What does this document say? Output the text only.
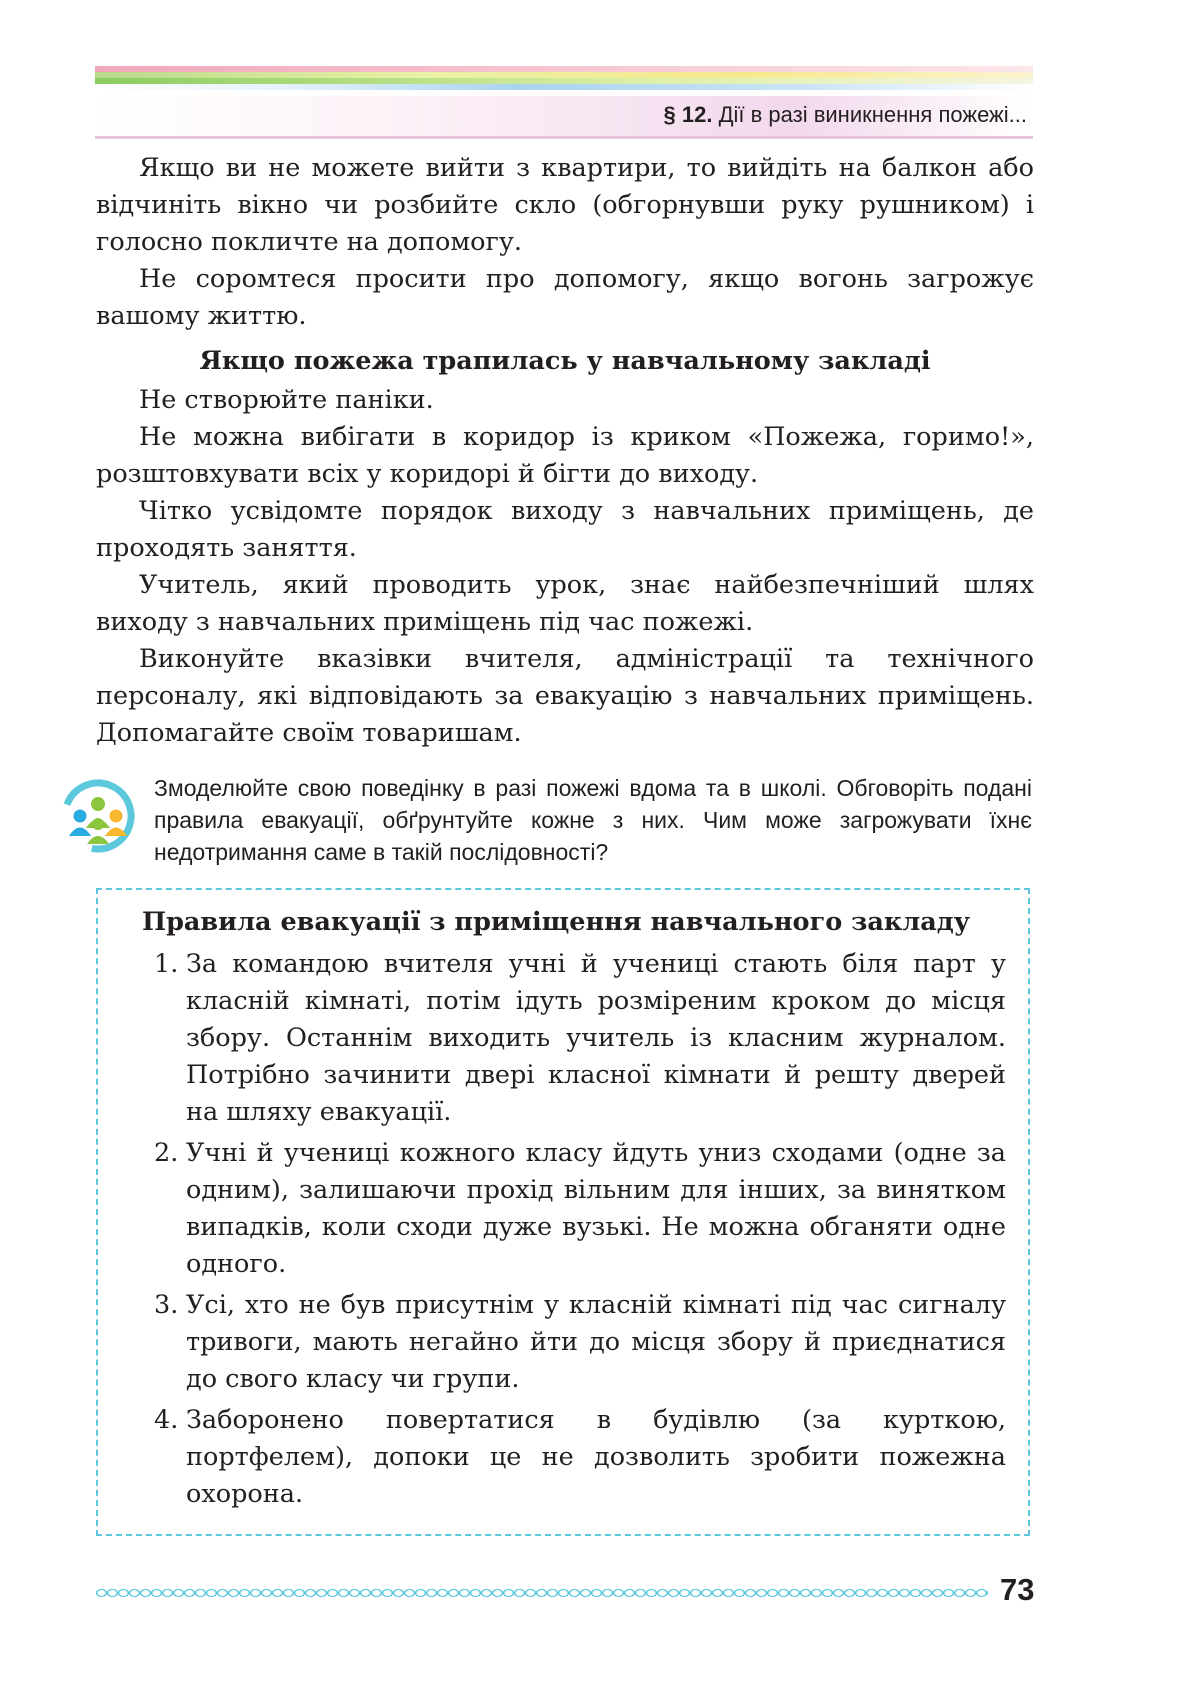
§ 12. Дії в разі виникнення пожежі...

Якщо ви не можете вийти з квартири, то вийдіть на балкон або відчиніть вікно чи розбийте скло (обгорнувши руку рушником) і голосно покличте на допомогу.

Не соромтеся просити про допомогу, якщо вогонь загрожує вашому життю.

Якщо пожежа трапилась у навчальному закладі

Не створюйте паніки.

Не можна вибігати в коридор із криком «Пожежа, горимо!», розштовхувати всіх у коридорі й бігти до виходу.

Чітко усвідомте порядок виходу з навчальних приміщень, де проходять заняття.

Учитель, який проводить урок, знає найбезпечніший шлях виходу з навчальних приміщень під час пожежі.

Виконуйте вказівки вчителя, адміністрації та технічного персоналу, які відповідають за евакуацію з навчальних приміщень. Допомагайте своїм товаришам.

Змоделюйте свою поведінку в разі пожежі вдома та в школі. Обговоріть подані правила евакуації, обґрунтуйте кожне з них. Чим може загрожувати їхнє недотримання саме в такій послідовності?
Правила евакуації з приміщення навчального закладу
1. За командою вчителя учні й учениці стають біля парт у класній кімнаті, потім ідуть розміреним кроком до місця збору. Останнім виходить учитель із класним журналом. Потрібно зачинити двері класної кімнати й решту дверей на шляху евакуації.
2. Учні й учениці кожного класу йдуть униз сходами (одне за одним), залишаючи прохід вільним для інших, за винятком випадків, коли сходи дуже вузькі. Не можна обганяти одне одного.
3. Усі, хто не був присутнім у класній кімнаті під час сигналу тривоги, мають негайно йти до місця збору й приєднатися до свого класу чи групи.
4. Заборонено повертатися в будівлю (за курткою, портфелем), допоки це не дозволить зробити пожежна охорона.
73
